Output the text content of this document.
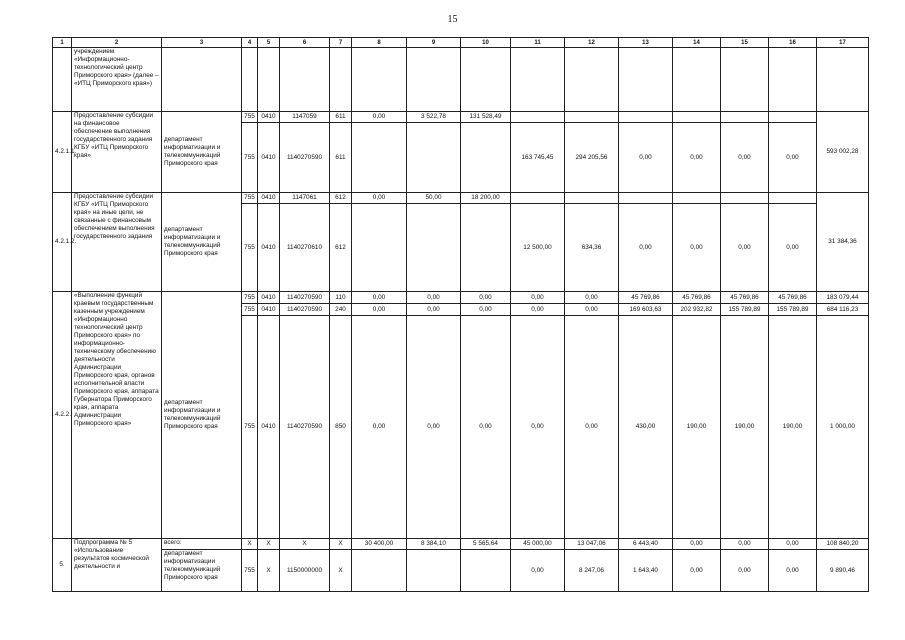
15
1	2	3	4	5	6	7	8	9	10	11	12	13	14	15	16	17
	учреждением «Информационно-технологический центр Приморского края» (далее – «ИТЦ Приморского края»)															
4.2.1.1.	Предоставление субсидии на финансовое обеспечение выполнения государственного задания КГБУ «ИТЦ Приморского края»	департамент информатизации и телекоммуникаций Приморского края	755	0410	1147059	611	0,00	3 522,78	131 528,49							593 002,28
			755	0410	1140270590	611				163 745,45	294 205,56	0,00	0,00	0,00	0,00	
4.2.1.2.	Предоставление субсидии КГБУ «ИТЦ Приморского края» на иные цели, не связанные с финансовым обеспечением выполнения государственного задания	департамент информатизации и телекоммуникаций Приморского края	755	0410	1147061	612	0,00	50,00	18 200,00							31 384,36
			755	0410	1140270610	612				12 500,00	634,36	0,00	0,00	0,00	0,00	
4.2.2.	«Выполнение функций краевым государственным казенным учреждением «Информационно технологический центр Приморского края» по информационно-техническому обеспечению деятельности Администрации Приморского края, органов исполнительной власти Приморского края, аппарата Губернатора Приморского края, аппарата Администрации Приморского края»	департамент информатизации и телекоммуникаций Приморского края	755	0410	1140270590	110	0,00	0,00	0,00	0,00	0,00	45 769,86	45 769,86	45 769,86	45 769,86	183 079,44
			755	0410	1140270590	240	0,00	0,00	0,00	0,00	0,00	169 603,63	202 932,82	155 789,89	155 789,89	684 116,23
			755	0410	1140270590	850	0,00	0,00	0,00	0,00	0,00	430,00	190,00	190,00	190,00	1 000,00
5.	Подпрограмма № 5 «Использование результатов космической деятельности и	всего:	X	X	X	X	30 400,00	8 384,10	5 565,64	45 000,00	13 047,06	6 443,40	0,00	0,00	0,00	108 840,20
		департамент информатизации телекоммуникаций Приморского края	755	X	1150000000	X				0,00	8 247,06	1 643,40	0,00	0,00	0,00	9 890,46
